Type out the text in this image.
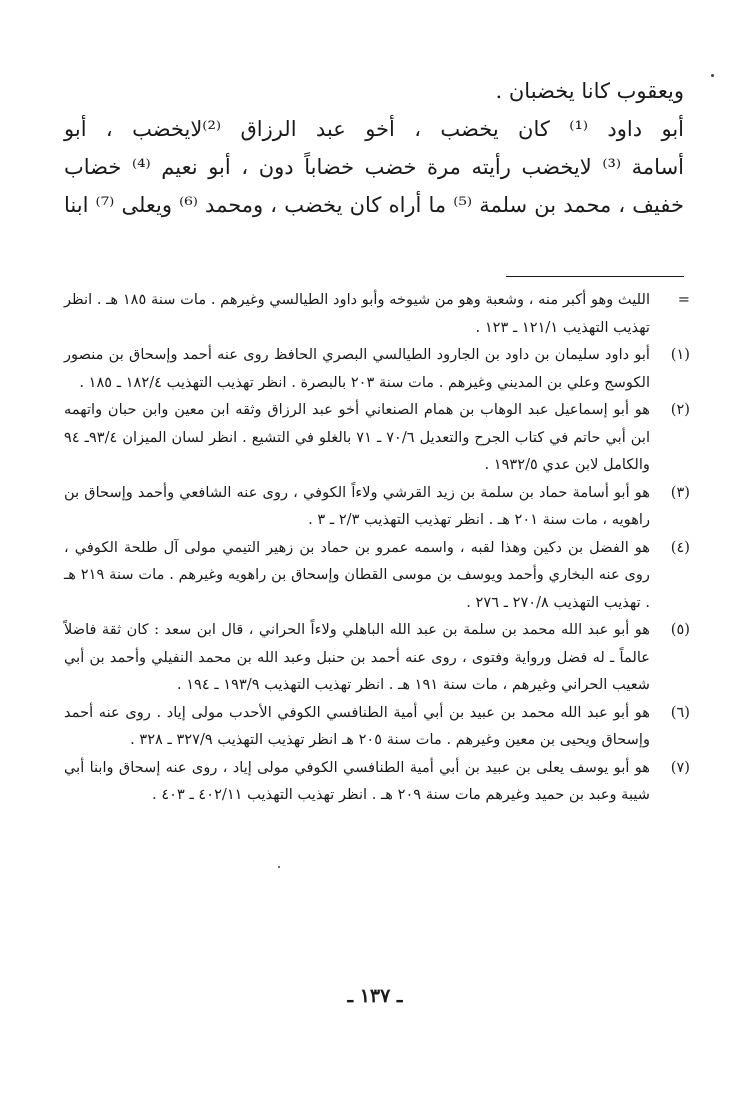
ويعقوب كانا يخضبان .

أبو داود ⁽¹⁾ كان يخضب ، أخو عبد الرزاق ⁽²⁾لايخضب ، أبو

أسامة ⁽³⁾ لايخضب رأيته مرة خضب خضاباً دون ، أبو نعيم ⁽⁴⁾ خضاب

خفيف ، محمد بن سلمة ⁽⁵⁾ ما أراه كان يخضب ، ومحمد ⁽⁶⁾ ويعلى ⁽⁷⁾ ابنا

=
الليث وهو أكبر منه ، وشعبة وهو من شيوخه وأبو داود الطيالسي وغيرهم . مات سنة ١٨٥ هـ . انظر تهذيب التهذيب ١٢١/١ ـ ١٢٣ .
(١)
أبو داود سليمان بن داود بن الجارود الطيالسي البصري الحافظ روى عنه أحمد وإسحاق بن منصور الكوسج وعلي بن المديني وغيرهم . مات سنة ٢٠٣ بالبصرة . انظر تهذيب التهذيب ١٨٢/٤ ـ ١٨٥ .
(٢)
هو أبو إسماعيل عبد الوهاب بن همام الصنعاني أخو عبد الرزاق وثقه ابن معين وابن حبان واتهمه ابن أبي حاتم في كتاب الجرح والتعديل ٧٠/٦ ـ ٧١ بالغلو في التشيع . انظر لسان الميزان ٩٣/٤ـ ٩٤ والكامل لابن عدي ١٩٣٢/٥ .
(٣)
هو أبو أسامة حماد بن سلمة بن زيد القرشي ولاءاً الكوفي ، روى عنه الشافعي وأحمد وإسحاق بن راهويه ، مات سنة ٢٠١ هـ . انظر تهذيب التهذيب ٢/٣ ـ ٣ .
(٤)
هو الفضل بن دكين وهذا لقبه ، واسمه عمرو بن حماد بن زهير التيمي مولى آل طلحة الكوفي ، روى عنه البخاري وأحمد ويوسف بن موسى القطان وإسحاق بن راهويه وغيرهم . مات سنة ٢١٩ هـ . تهذيب التهذيب ٢٧٠/٨ ـ ٢٧٦ .
(٥)
هو أبو عبد الله محمد بن سلمة بن عبد الله الباهلي ولاءاً الحراني ، قال ابن سعد : كان ثقة فاضلاً عالماً ـ له فضل ورواية وفتوى ، روى عنه أحمد بن حنبل وعبد الله بن محمد النفيلي وأحمد بن أبي شعيب الحراني وغيرهم ، مات سنة ١٩١ هـ . انظر تهذيب التهذيب ١٩٣/٩ ـ ١٩٤ .
(٦)
هو أبو عبد الله محمد بن عبيد بن أبي أمية الطنافسي الكوفي الأحدب مولى إياد . روى عنه أحمد وإسحاق ويحيى بن معين وغيرهم . مات سنة ٢٠٥ هـ انظر تهذيب التهذيب ٣٢٧/٩ ـ ٣٢٨ .
(٧)
هو أبو يوسف يعلى بن عبيد بن أبي أمية الطنافسي الكوفي مولى إياد ، روى عنه إسحاق وابنا أبي شيبة وعبد بن حميد وغيرهم مات سنة ٢٠٩ هـ . انظر تهذيب التهذيب ٤٠٢/١١ ـ ٤٠٣ .
ـ ١٣٧ ـ
